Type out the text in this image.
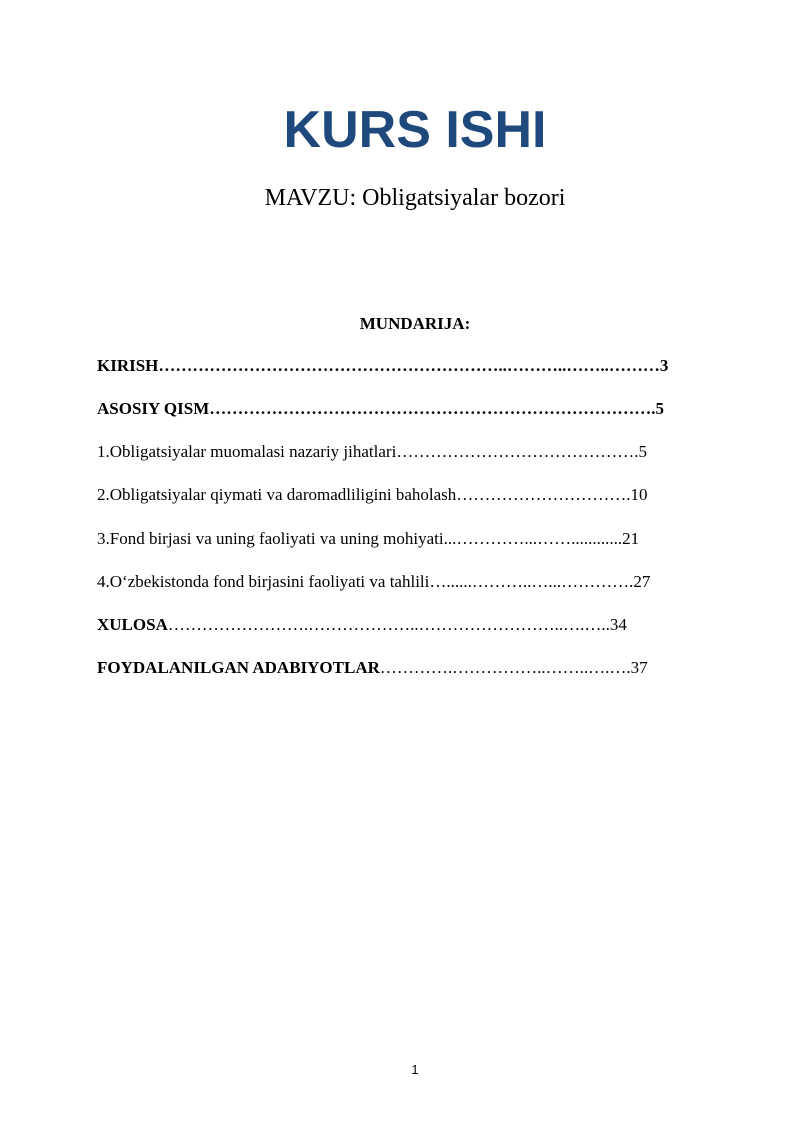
KURS ISHI
MAVZU: Obligatsiyalar bozori
MUNDARIJA:
KIRISH……………………………………………………..………..……..………3
ASOSIY QISM…………………………………………………………………….5
1.Obligatsiyalar muomalasi nazariy jihatlari…………………………………….5
2.Obligatsiyalar qiymati va daromadliligini baholash………………………….10
3.Fond birjasi va uning faoliyati va uning mohiyati...…………...……............21
4.O‘zbekistonda fond birjasini faoliyati va tahlili…......………..…...………….27
XULOSA…………………….………………..……………………..….…..34
FOYDALANILGAN ADABIYOTLAR………….……………..……..….….37
1
